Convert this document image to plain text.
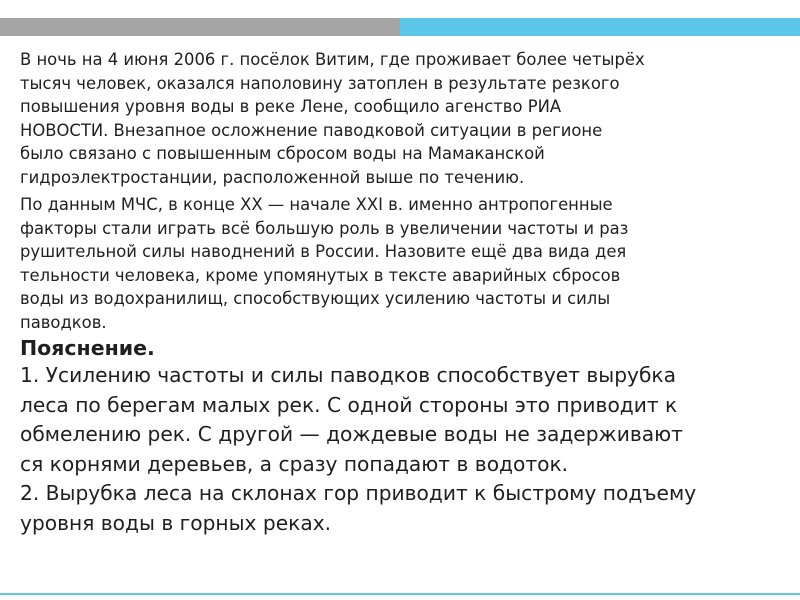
В ночь на 4 июня 2006 г. посёлок Витим, где проживает более четырёх
тысяч человек, оказался наполовину затоплен в результате резкого
повышения уровня воды в реке Лене, сообщило агенство РИА
НОВОСТИ. Внезапное осложнение паводковой ситуации в регионе
было связано с повышенным сбросом воды на Мамаканской
гидроэлектростанции, расположенной выше по течению.

По данным МЧС, в конце XX — начале XXI в. именно антропогенные
факторы стали играть всё большую роль в увеличении частоты и раз
рушительной силы наводнений в России. Назовите ещё два вида дея
тельности человека, кроме упомянутых в тексте аварийных сбросов
воды из водохранилищ, способствующих усилению частоты и силы
паводков.

Пояснение.

1. Усилению частоты и силы паводков способствует вырубка
леса по берегам малых рек. С одной стороны это приводит к
обмелению рек. С другой — дождевые воды не задерживают
ся корнями деревьев, а сразу попадают в водоток.
2. Вырубка леса на склонах гор приводит к быстрому подъему
уровня воды в горных реках.
